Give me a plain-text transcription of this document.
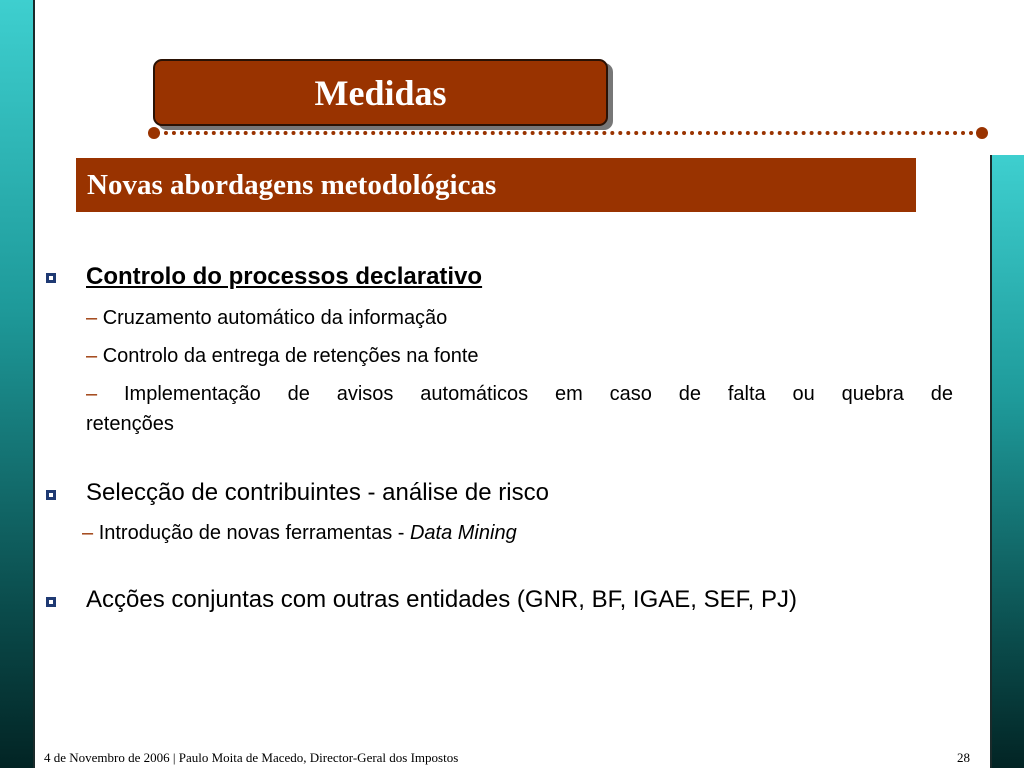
Medidas
Novas abordagens metodológicas
Controlo do processos declarativo
– Cruzamento automático da informação
– Controlo da entrega de retenções na fonte
– Implementação de avisos automáticos em caso de falta ou quebra de
retenções
Selecção de contribuintes - análise de risco
– Introdução de novas ferramentas - Data Mining
Acções conjuntas com outras entidades (GNR, BF, IGAE, SEF, PJ)
4 de Novembro de 2006 | Paulo Moita de Macedo, Director-Geral dos Impostos	28
